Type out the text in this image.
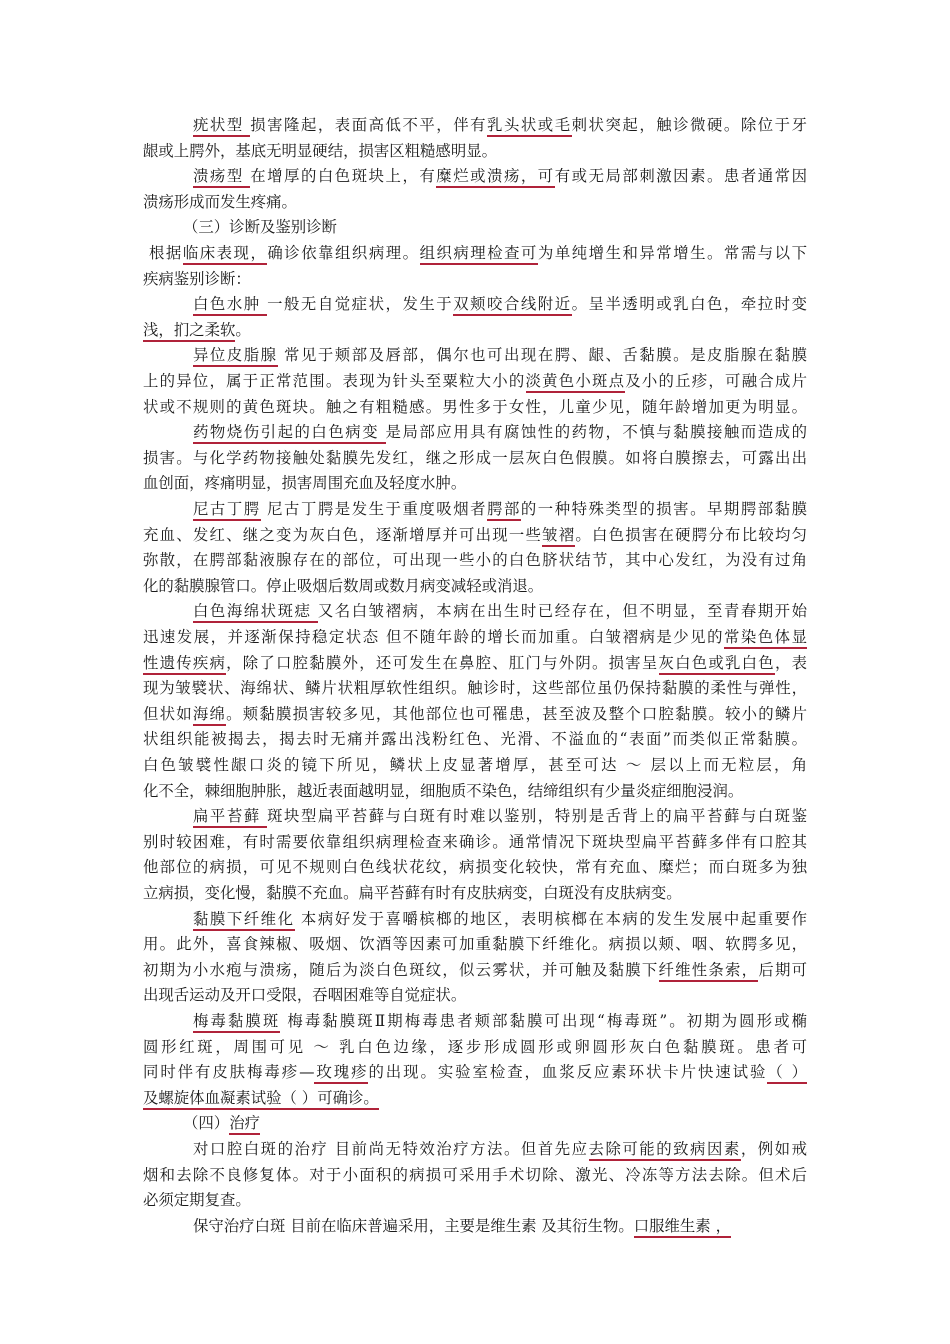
疣状型 损害隆起，表面高低不平，伴有乳头状或毛刺状突起，触诊微硬。除位于牙
龈或上腭外，基底无明显硬结，损害区粗糙感明显。
溃疡型 在增厚的白色斑块上，有糜烂或溃疡，可有或无局部刺激因素。患者通常因
溃疡形成而发生疼痛。
（三）诊断及鉴别诊断
根据临床表现，确诊依靠组织病理。组织病理检查可为单纯增生和异常增生。常需与以下
疾病鉴别诊断：
白色水肿 一般无自觉症状，发生于双颊咬合线附近。呈半透明或乳白色，牵拉时变
浅，扪之柔软。
异位皮脂腺 常见于颊部及唇部，偶尔也可出现在腭、龈、舌黏膜。是皮脂腺在黏膜
上的异位，属于正常范围。表现为针头至粟粒大小的淡黄色小斑点及小的丘疹，可融合成片
状或不规则的黄色斑块。触之有粗糙感。男性多于女性，儿童少见，随年龄增加更为明显。
药物烧伤引起的白色病变 是局部应用具有腐蚀性的药物，不慎与黏膜接触而造成的
损害。与化学药物接触处黏膜先发红，继之形成一层灰白色假膜。如将白膜擦去，可露出出
血创面，疼痛明显，损害周围充血及轻度水肿。
尼古丁腭 尼古丁腭是发生于重度吸烟者腭部的一种特殊类型的损害。早期腭部黏膜
充血、发红、继之变为灰白色，逐渐增厚并可出现一些皱褶。白色损害在硬腭分布比较均匀
弥散，在腭部黏液腺存在的部位，可出现一些小的白色脐状结节，其中心发红，为没有过角
化的黏膜腺管口。停止吸烟后数周或数月病变减轻或消退。
白色海绵状斑痣 又名白皱褶病，本病在出生时已经存在，但不明显，至青春期开始
迅速发展，并逐渐保持稳定状态 但不随年龄的增长而加重。白皱褶病是少见的常染色体显
性遗传疾病，除了口腔黏膜外，还可发生在鼻腔、肛门与外阴。损害呈灰白色或乳白色，表
现为皱襞状、海绵状、鳞片状粗厚软性组织。触诊时，这些部位虽仍保持黏膜的柔性与弹性，
但状如海绵。颊黏膜损害较多见，其他部位也可罹患，甚至波及整个口腔黏膜。较小的鳞片
状组织能被揭去，揭去时无痛并露出浅粉红色、光滑、不溢血的“表面”而类似正常黏膜。
白色皱襞性龈口炎的镜下所见，鳞状上皮显著增厚，甚至可达 ～ 层以上而无粒层，角
化不全，棘细胞肿胀，越近表面越明显，细胞质不染色，结缔组织有少量炎症细胞浸润。
扁平苔藓 斑块型扁平苔藓与白斑有时难以鉴别，特别是舌背上的扁平苔藓与白斑鉴
别时较困难，有时需要依靠组织病理检查来确诊。通常情况下斑块型扁平苔藓多伴有口腔其
他部位的病损，可见不规则白色线状花纹，病损变化较快，常有充血、糜烂；而白斑多为独
立病损，变化慢，黏膜不充血。扁平苔藓有时有皮肤病变，白斑没有皮肤病变。
黏膜下纤维化 本病好发于喜嚼槟榔的地区，表明槟榔在本病的发生发展中起重要作
用。此外，喜食辣椒、吸烟、饮酒等因素可加重黏膜下纤维化。病损以颊、咽、软腭多见，
初期为小水疱与溃疡，随后为淡白色斑纹，似云雾状，并可触及黏膜下纤维性条索，后期可
出现舌运动及开口受限，吞咽困难等自觉症状。
梅毒黏膜斑 梅毒黏膜斑Ⅱ期梅毒患者颊部黏膜可出现“梅毒斑”。初期为圆形或椭
圆形红斑，周围可见 ～ 乳白色边缘，逐步形成圆形或卵圆形灰白色黏膜斑。患者可
同时伴有皮肤梅毒疹—玫瑰疹的出现。实验室检查，血浆反应素环状卡片快速试验（ ）
及螺旋体血凝素试验（ ）可确诊。
（四）治疗
对口腔白斑的治疗 目前尚无特效治疗方法。但首先应去除可能的致病因素，例如戒
烟和去除不良修复体。对于小面积的病损可采用手术切除、激光、冷冻等方法去除。但术后
必须定期复查。
保守治疗白斑 目前在临床普遍采用，主要是维生素 及其衍生物。口服维生素 ，
